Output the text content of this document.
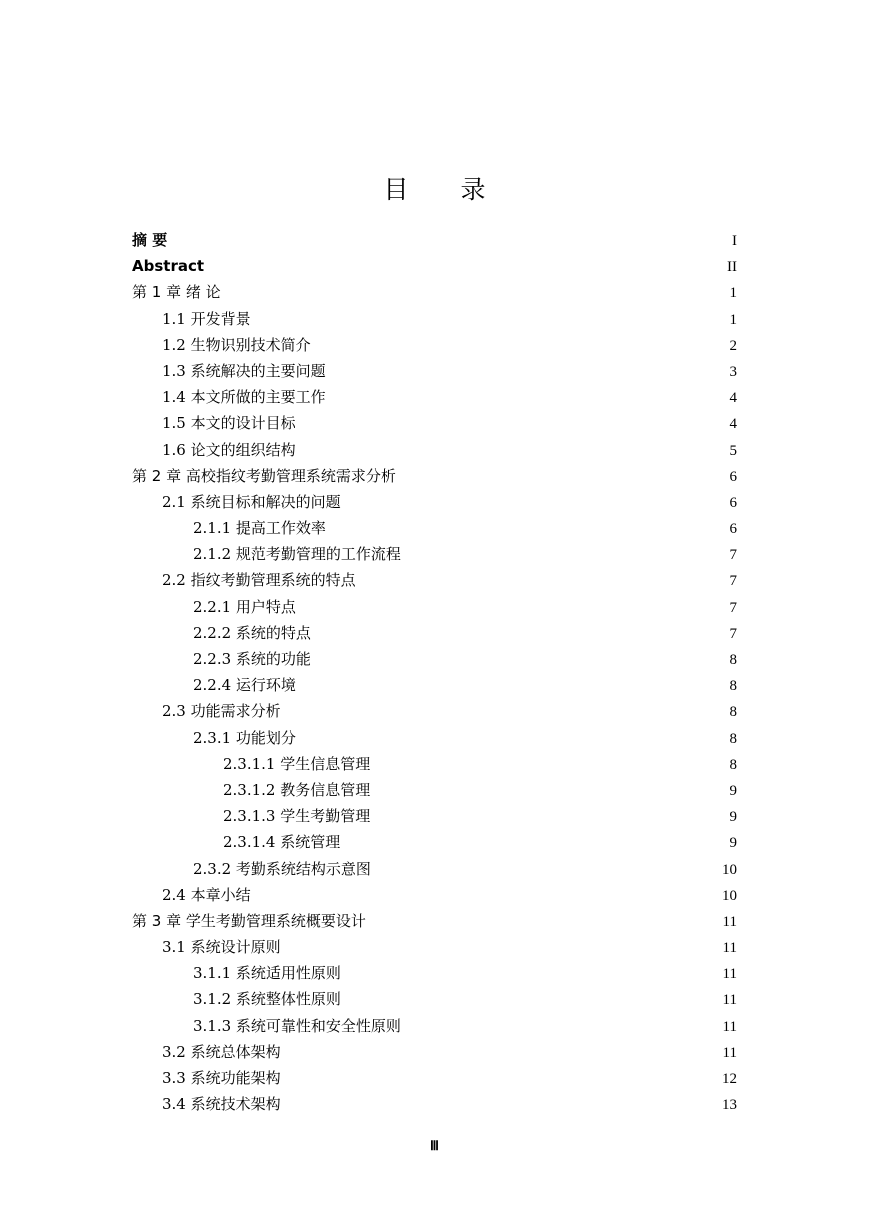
目 录
摘 要	I
Abstract	II
第 1 章 绪 论	1
1.1 开发背景	1
1.2 生物识别技术简介	2
1.3 系统解决的主要问题	3
1.4 本文所做的主要工作	4
1.5 本文的设计目标	4
1.6 论文的组织结构	5
第 2 章 高校指纹考勤管理系统需求分析	6
2.1 系统目标和解决的问题	6
2.1.1 提高工作效率	6
2.1.2 规范考勤管理的工作流程	7
2.2 指纹考勤管理系统的特点	7
2.2.1 用户特点	7
2.2.2 系统的特点	7
2.2.3 系统的功能	8
2.2.4 运行环境	8
2.3 功能需求分析	8
2.3.1 功能划分	8
2.3.1.1 学生信息管理	8
2.3.1.2 教务信息管理	9
2.3.1.3 学生考勤管理	9
2.3.1.4 系统管理	9
2.3.2 考勤系统结构示意图	10
2.4 本章小结	10
第 3 章 学生考勤管理系统概要设计	11
3.1 系统设计原则	11
3.1.1 系统适用性原则	11
3.1.2 系统整体性原则	11
3.1.3 系统可靠性和安全性原则	11
3.2 系统总体架构	11
3.3 系统功能架构	12
3.4 系统技术架构	13
Ⅲ
